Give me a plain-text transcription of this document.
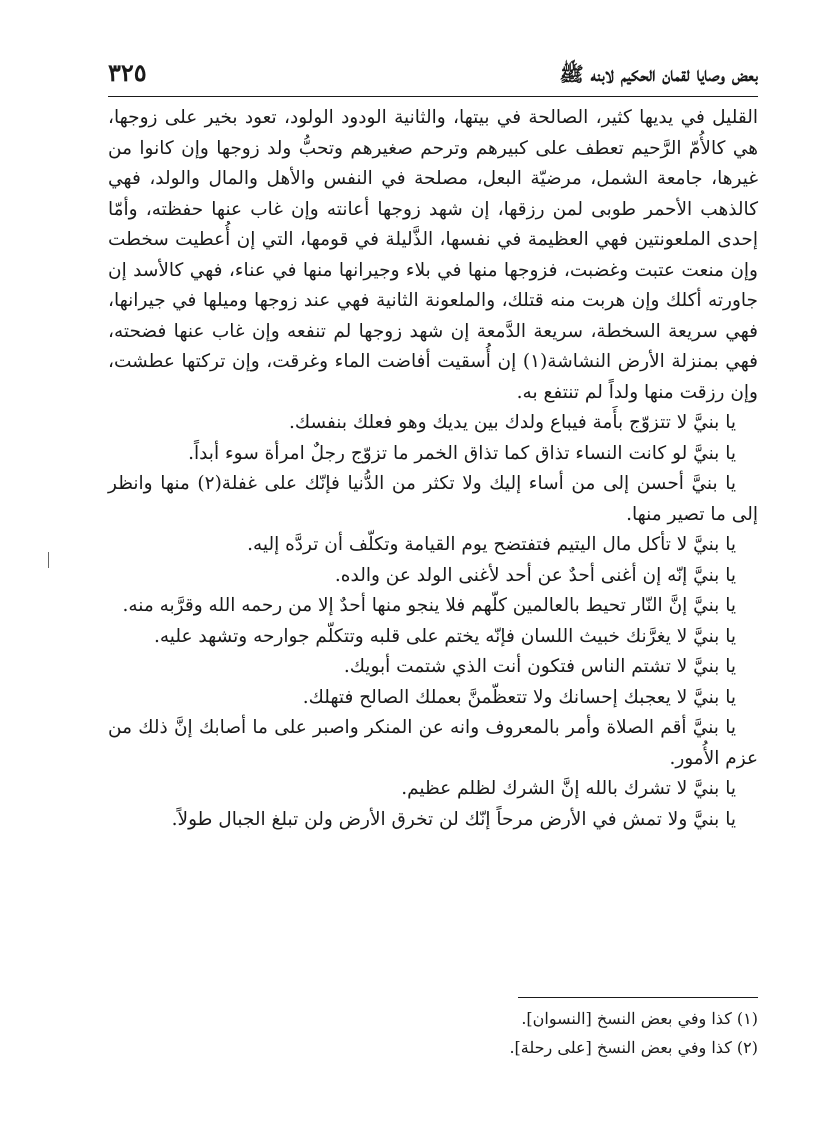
بعض وصايا لقمان الحكيم لابنه ﷺ
٣٢٥

القليل في يديها كثير، الصالحة في بيتها، والثانية الودود الولود، تعود بخير على زوجها، هي كالأُمّ الرَّحيم تعطف على كبيرهم وترحم صغيرهم وتحبُّ ولد زوجها وإن كانوا من غيرها، جامعة الشمل، مرضيّة البعل، مصلحة في النفس والأهل والمال والولد، فهي كالذهب الأحمر طوبى لمن رزقها، إن شهد زوجها أعانته وإن غاب عنها حفظته، وأمّا إحدى الملعونتين فهي العظيمة في نفسها، الذَّليلة في قومها، التي إن أُعطيت سخطت وإن منعت عتبت وغضبت، فزوجها منها في بلاء وجيرانها منها في عناء، فهي كالأسد إن جاورته أكلك وإن هربت منه قتلك، والملعونة الثانية فهي عند زوجها وميلها في جيرانها، فهي سريعة السخطة، سريعة الدَّمعة إن شهد زوجها لم تنفعه وإن غاب عنها فضحته، فهي بمنزلة الأرض النشاشة(١) إن أُسقيت أفاضت الماء وغرقت، وإن تركتها عطشت، وإن رزقت منها ولداً لم تنتفع به.

يا بنيَّ لا تتزوّج بأَمة فيباع ولدك بين يديك وهو فعلك بنفسك.

يا بنيَّ لو كانت النساء تذاق كما تذاق الخمر ما تزوّج رجلٌ امرأة سوء أبداً.

يا بنيَّ أحسن إلى من أساء إليك ولا تكثر من الدُّنيا فإنّك على غفلة(٢) منها وانظر إلى ما تصير منها.

يا بنيَّ لا تأكل مال اليتيم فتفتضح يوم القيامة وتكلّف أن تردَّه إليه.

يا بنيَّ إنّه إن أغنى أحدٌ عن أحد لأغنى الولد عن والده.

يا بنيَّ إنَّ النّار تحيط بالعالمين كلّهم فلا ينجو منها أحدٌ إلا من رحمه الله وقرَّبه منه.

يا بنيَّ لا يغرَّنك خبيث اللسان فإنّه يختم على قلبه وتتكلّم جوارحه وتشهد عليه.

يا بنيَّ لا تشتم الناس فتكون أنت الذي شتمت أبويك.

يا بنيَّ لا يعجبك إحسانك ولا تتعظّمنَّ بعملك الصالح فتهلك.

يا بنيَّ أقم الصلاة وأمر بالمعروف وانه عن المنكر واصبر على ما أصابك إنَّ ذلك من عزم الأُمور.

يا بنيَّ لا تشرك بالله إنَّ الشرك لظلم عظيم.

يا بنيَّ ولا تمش في الأرض مرحاً إنّك لن تخرق الأرض ولن تبلغ الجبال طولاً.

(١) كذا وفي بعض النسخ [النسوان].

(٢) كذا وفي بعض النسخ [على رحلة].
